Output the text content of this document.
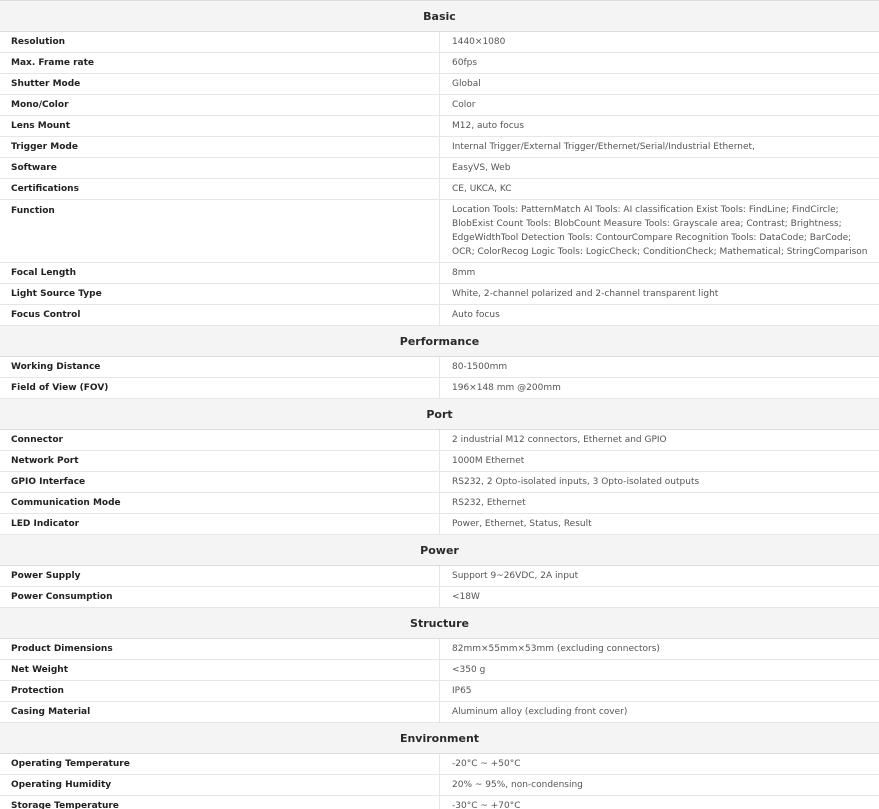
Basic	
Resolution	1440×1080
Max. Frame rate	60fps
Shutter Mode	Global
Mono/Color	Color
Lens Mount	M12, auto focus
Trigger Mode	Internal Trigger/External Trigger/Ethernet/Serial/Industrial Ethernet,
Software	EasyVS, Web
Certifications	CE, UKCA, KC
Function	Location Tools: PatternMatch AI Tools: AI classification Exist Tools: FindLine; FindCircle; BlobExist Count Tools: BlobCount Measure Tools: Grayscale area; Contrast; Brightness; EdgeWidthTool Detection Tools: ContourCompare Recognition Tools: DataCode; BarCode; OCR; ColorRecog Logic Tools: LogicCheck; ConditionCheck; Mathematical; StringComparison
Focal Length	8mm
Light Source Type	White, 2-channel polarized and 2-channel transparent light
Focus Control	Auto focus
Performance	
Working Distance	80-1500mm
Field of View (FOV)	196×148 mm @200mm
Port	
Connector	2 industrial M12 connectors, Ethernet and GPIO
Network Port	1000M Ethernet
GPIO Interface	RS232, 2 Opto-isolated inputs, 3 Opto-isolated outputs
Communication Mode	RS232, Ethernet
LED Indicator	Power, Ethernet, Status, Result
Power	
Power Supply	Support 9~26VDC, 2A input
Power Consumption	<18W
Structure	
Product Dimensions	82mm×55mm×53mm (excluding connectors)
Net Weight	<350 g
Protection	IP65
Casing Material	Aluminum alloy (excluding front cover)
Environment	
Operating Temperature	-20°C ~ +50°C
Operating Humidity	20% ~ 95%, non-condensing
Storage Temperature	-30°C ~ +70°C
